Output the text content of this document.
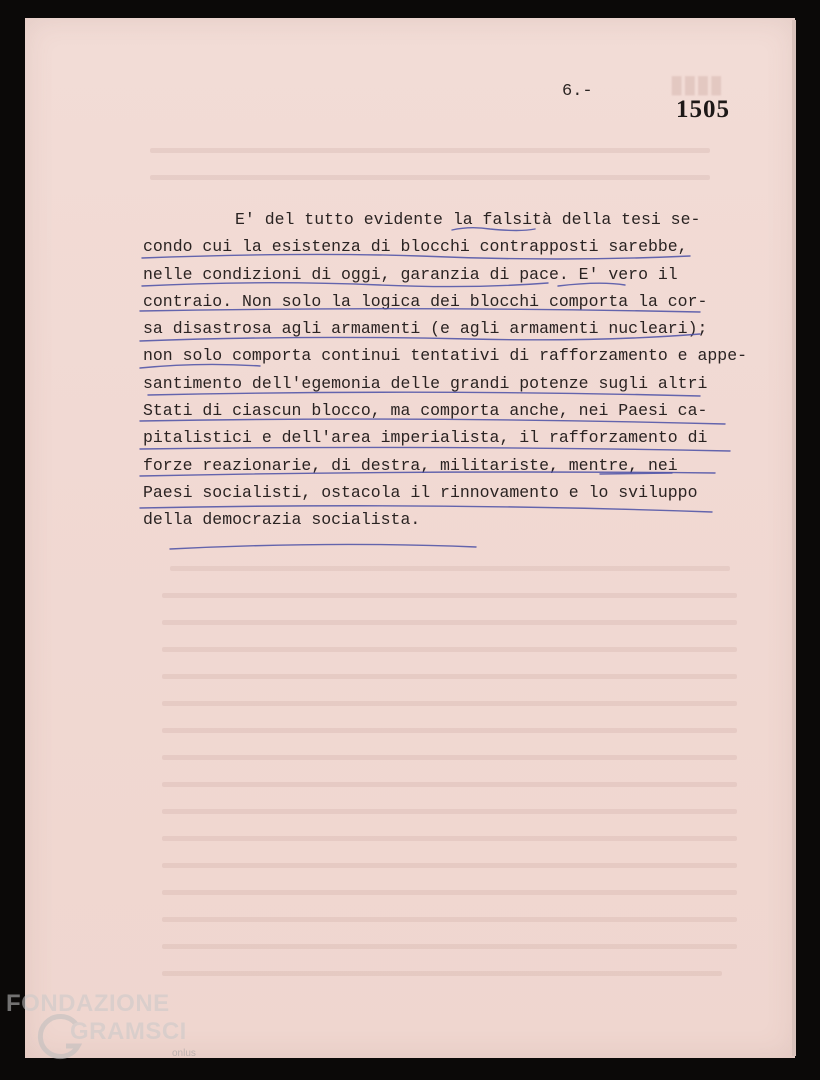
▮▮▮▮
6.-
1505
E' del tutto evidente la falsità della tesi se-
condo cui la esistenza di blocchi contrapposti sarebbe,
nelle condizioni di oggi, garanzia di pace. E' vero il
contraio. Non solo la logica dei blocchi comporta la cor-
sa disastrosa agli armamenti (e agli armamenti nucleari);
non solo comporta continui tentativi di rafforzamento e appe-
santimento dell'egemonia delle grandi potenze sugli altri
Stati di ciascun blocco, ma comporta anche, nei Paesi ca-
pitalistici e dell'area imperialista, il rafforzamento di
forze reazionarie, di destra, militariste, mentre, nei
Paesi socialisti, ostacola il rinnovamento e lo sviluppo
della democrazia socialista.
FONDAZIONE
GRAMSCI
onlus
